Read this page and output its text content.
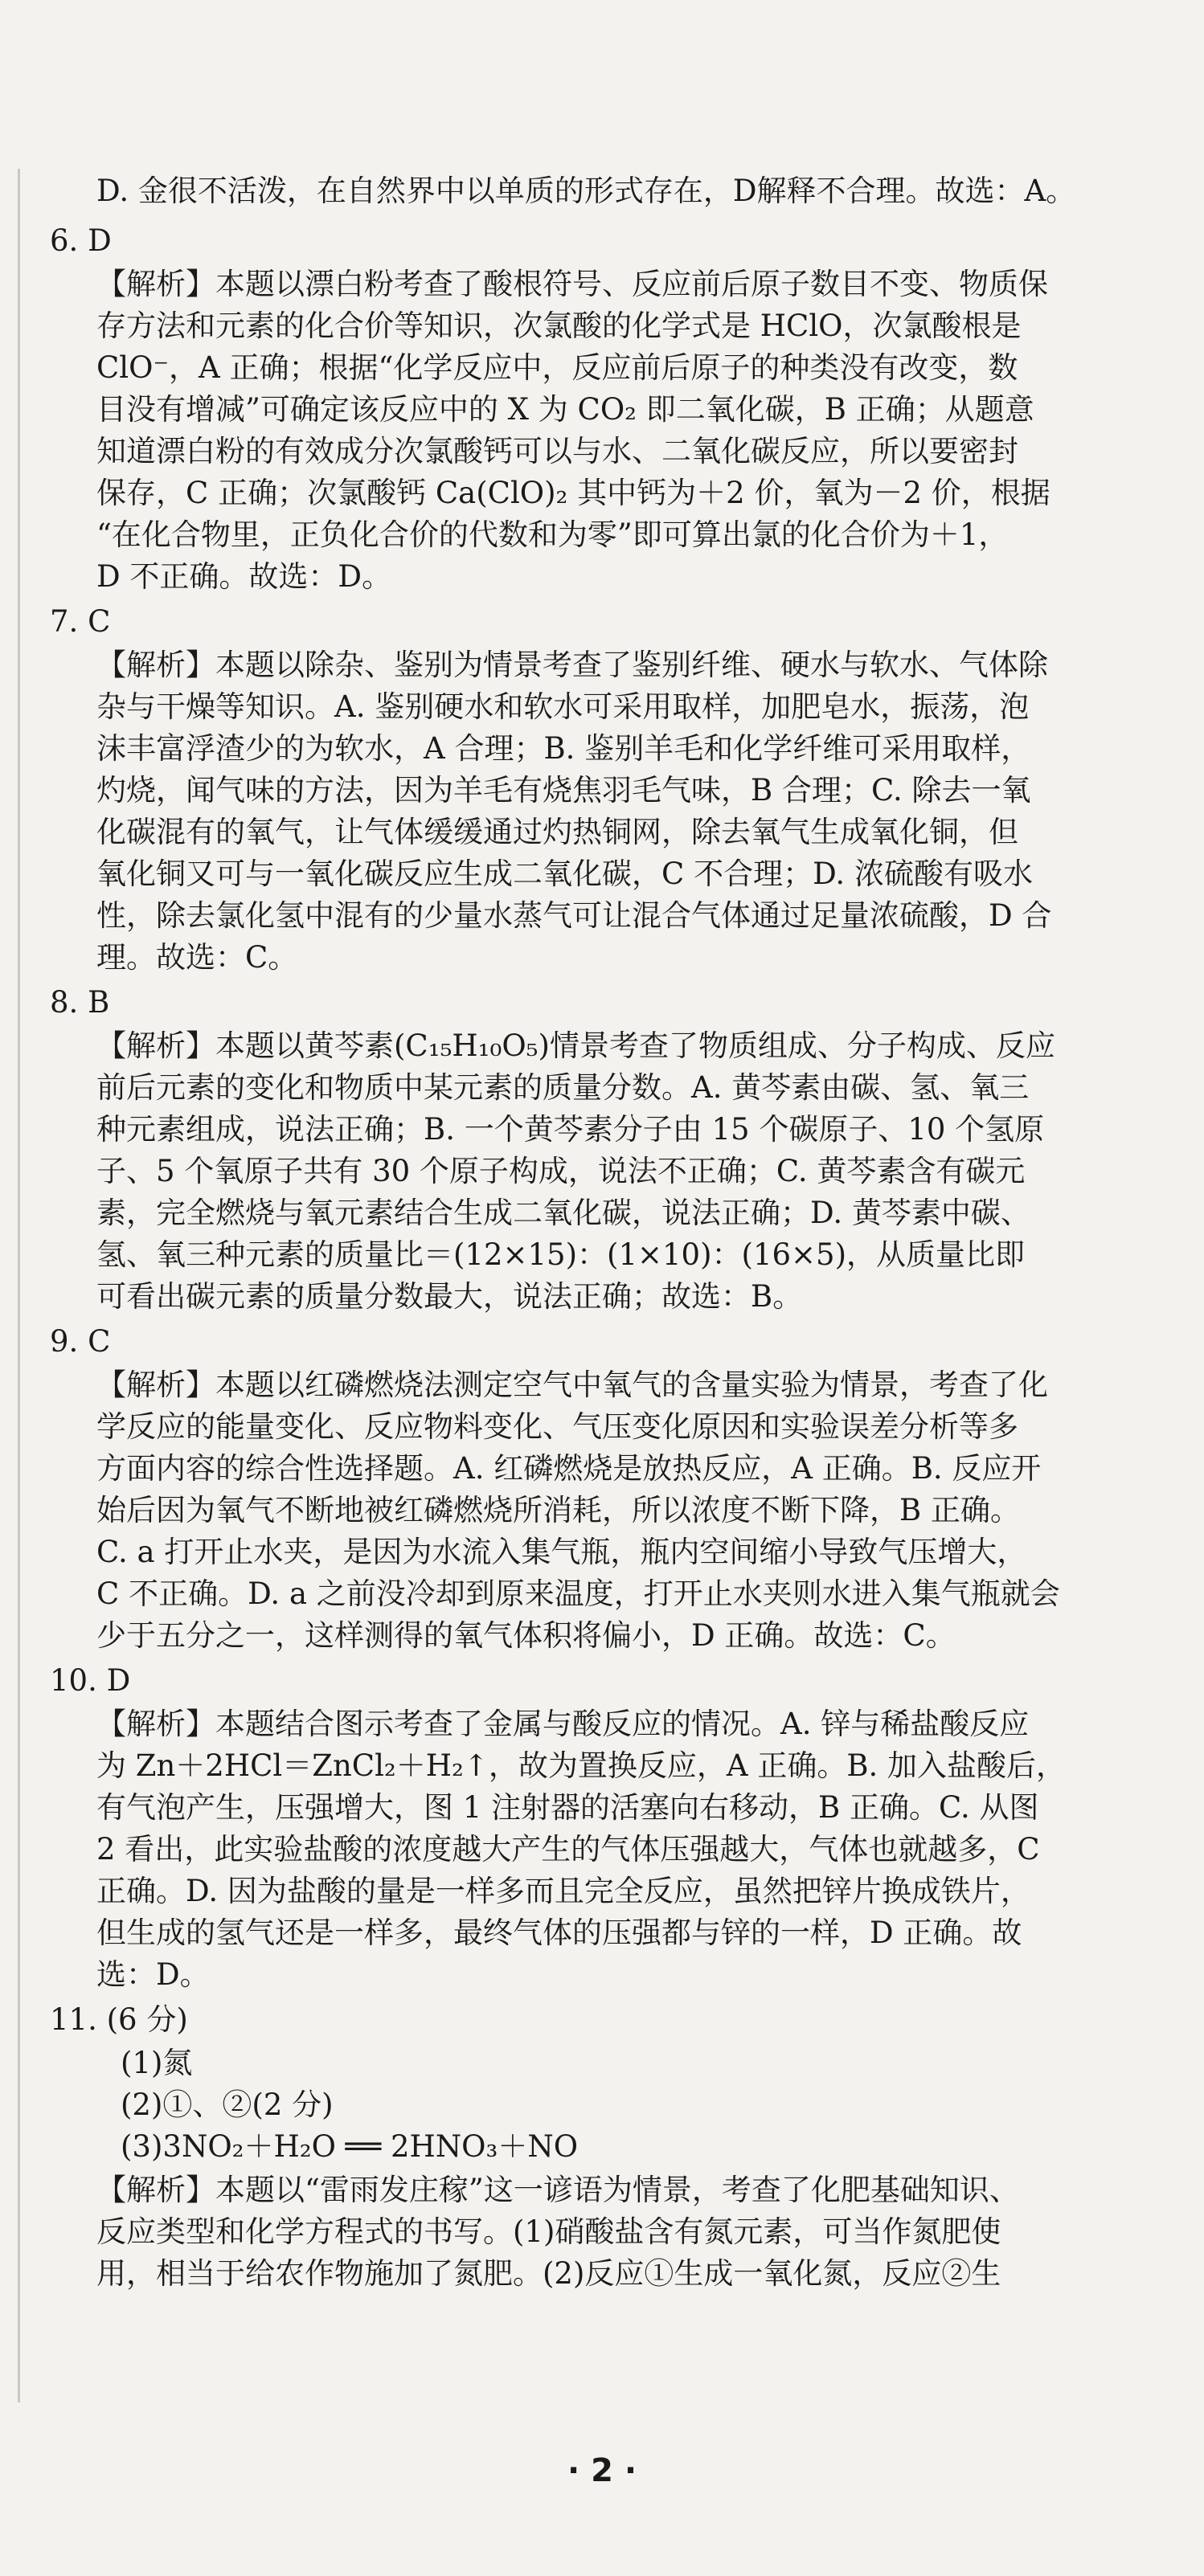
D. 金很不活泼，在自然界中以单质的形式存在，D解释不合理。故选：A。
6. D
【解析】本题以漂白粉考查了酸根符号、反应前后原子数目不变、物质保
存方法和元素的化合价等知识，次氯酸的化学式是 HClO，次氯酸根是
ClO⁻，A 正确；根据“化学反应中，反应前后原子的种类没有改变，数
目没有增减”可确定该反应中的 X 为 CO₂ 即二氧化碳，B 正确；从题意
知道漂白粉的有效成分次氯酸钙可以与水、二氧化碳反应，所以要密封
保存，C 正确；次氯酸钙 Ca(ClO)₂ 其中钙为＋2 价，氧为－2 价，根据
“在化合物里，正负化合价的代数和为零”即可算出氯的化合价为＋1，
D 不正确。故选：D。
7. C
【解析】本题以除杂、鉴别为情景考查了鉴别纤维、硬水与软水、气体除
杂与干燥等知识。A. 鉴别硬水和软水可采用取样，加肥皂水，振荡，泡
沫丰富浮渣少的为软水，A 合理；B. 鉴别羊毛和化学纤维可采用取样，
灼烧，闻气味的方法，因为羊毛有烧焦羽毛气味，B 合理；C. 除去一氧
化碳混有的氧气，让气体缓缓通过灼热铜网，除去氧气生成氧化铜，但
氧化铜又可与一氧化碳反应生成二氧化碳，C 不合理；D. 浓硫酸有吸水
性，除去氯化氢中混有的少量水蒸气可让混合气体通过足量浓硫酸，D 合
理。故选：C。
8. B
【解析】本题以黄芩素(C₁₅H₁₀O₅)情景考查了物质组成、分子构成、反应
前后元素的变化和物质中某元素的质量分数。A. 黄芩素由碳、氢、氧三
种元素组成，说法正确；B. 一个黄芩素分子由 15 个碳原子、10 个氢原
子、5 个氧原子共有 30 个原子构成，说法不正确；C. 黄芩素含有碳元
素，完全燃烧与氧元素结合生成二氧化碳，说法正确；D. 黄芩素中碳、
氢、氧三种元素的质量比＝(12×15)：(1×10)：(16×5)，从质量比即
可看出碳元素的质量分数最大，说法正确；故选：B。
9. C
【解析】本题以红磷燃烧法测定空气中氧气的含量实验为情景，考查了化
学反应的能量变化、反应物料变化、气压变化原因和实验误差分析等多
方面内容的综合性选择题。A. 红磷燃烧是放热反应，A 正确。B. 反应开
始后因为氧气不断地被红磷燃烧所消耗，所以浓度不断下降，B 正确。
C. a 打开止水夹，是因为水流入集气瓶，瓶内空间缩小导致气压增大，
C 不正确。D. a 之前没冷却到原来温度，打开止水夹则水进入集气瓶就会
少于五分之一，这样测得的氧气体积将偏小，D 正确。故选：C。
10. D
【解析】本题结合图示考查了金属与酸反应的情况。A. 锌与稀盐酸反应
为 Zn＋2HCl＝ZnCl₂＋H₂↑，故为置换反应，A 正确。B. 加入盐酸后，
有气泡产生，压强增大，图 1 注射器的活塞向右移动，B 正确。C. 从图
2 看出，此实验盐酸的浓度越大产生的气体压强越大，气体也就越多，C
正确。D. 因为盐酸的量是一样多而且完全反应，虽然把锌片换成铁片，
但生成的氢气还是一样多，最终气体的压强都与锌的一样，D 正确。故
选：D。
11. (6 分)
(1)氮
(2)①、②(2 分)
(3)3NO₂＋H₂O ══ 2HNO₃＋NO
【解析】本题以“雷雨发庄稼”这一谚语为情景，考查了化肥基础知识、
反应类型和化学方程式的书写。(1)硝酸盐含有氮元素，可当作氮肥使
用，相当于给农作物施加了氮肥。(2)反应①生成一氧化氮，反应②生
· 2 ·
